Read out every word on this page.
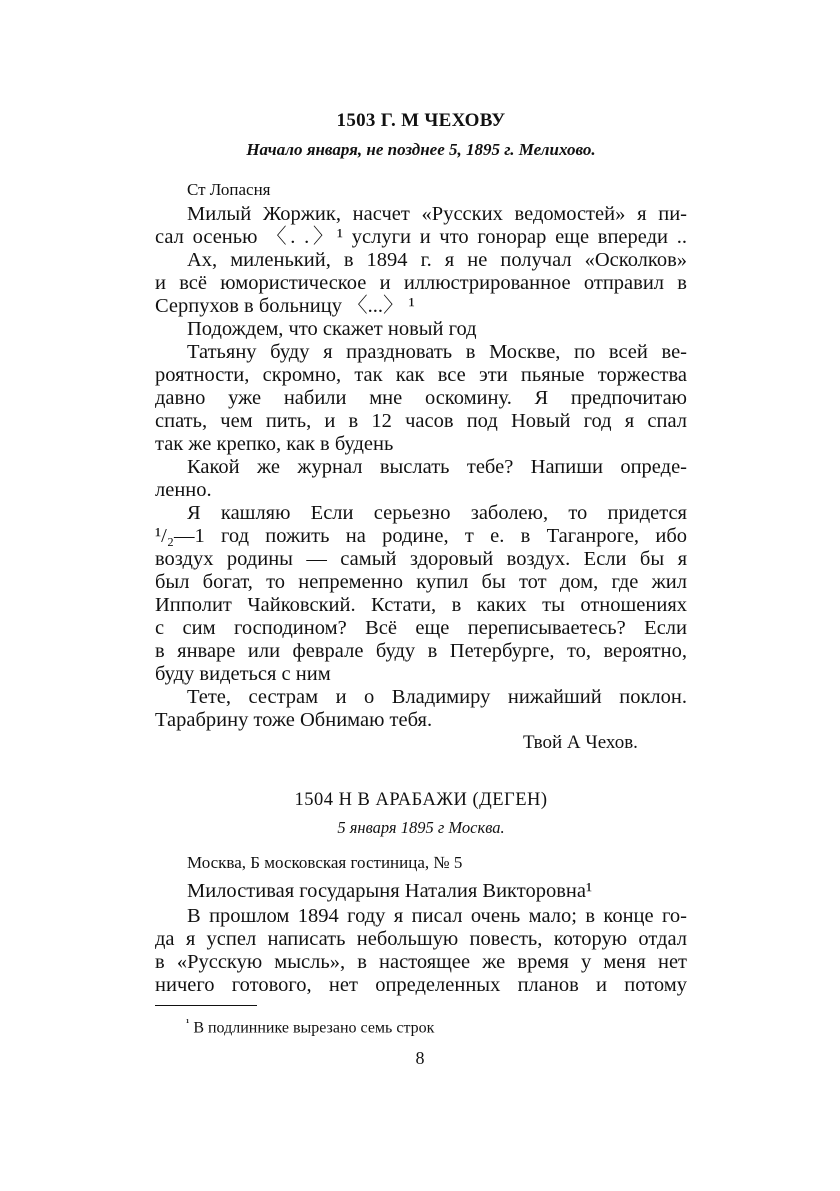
1503 Г. М ЧЕХОВУ

Начало января, не позднее 5, 1895 г. Мелихово.

Ст Лопасня

Милый Жоржик, насчет «Русских ведомостей» я пи-

сал осенью 〈. .〉¹ услуги и что гонорар еще впереди ..

Ах, миленький, в 1894 г. я не получал «Осколков»

и всё юмористическое и иллюстрированное отправил в

Серпухов в больницу 〈...〉 ¹

Подождем, что скажет новый год

Татьяну буду я праздновать в Москве, по всей ве-

роятности, скромно, так как все эти пьяные торжества

давно уже набили мне оскомину. Я предпочитаю

спать, чем пить, и в 12 часов под Новый год я спал

так же крепко, как в будень

Какой же журнал выслать тебе? Напиши опреде-

ленно.

Я кашляю Если серьезно заболею, то придется

¹/₂—1 год пожить на родине, т е. в Таганроге, ибо

воздух родины — самый здоровый воздух. Если бы я

был богат, то непременно купил бы тот дом, где жил

Ипполит Чайковский. Кстати, в каких ты отношениях

с сим господином? Всё еще переписываетесь? Если

в январе или феврале буду в Петербурге, то, вероятно,

буду видеться с ним

Тете, сестрам и о Владимиру нижайший поклон.

Тарабрину тоже Обнимаю тебя.

Твой А Чехов.

1504 Н В АРАБАЖИ (ДЕГЕН)

5 января 1895 г Москва.

Москва, Б московская гостиница, № 5

Милостивая государыня Наталия Викторовна¹

В прошлом 1894 году я писал очень мало; в конце го-

да я успел написать небольшую повесть, которую отдал

в «Русскую мысль», в настоящее же время у меня нет

ничего готового, нет определенных планов и потому

$^{^1}$ В подлиннике вырезано семь строк

8
